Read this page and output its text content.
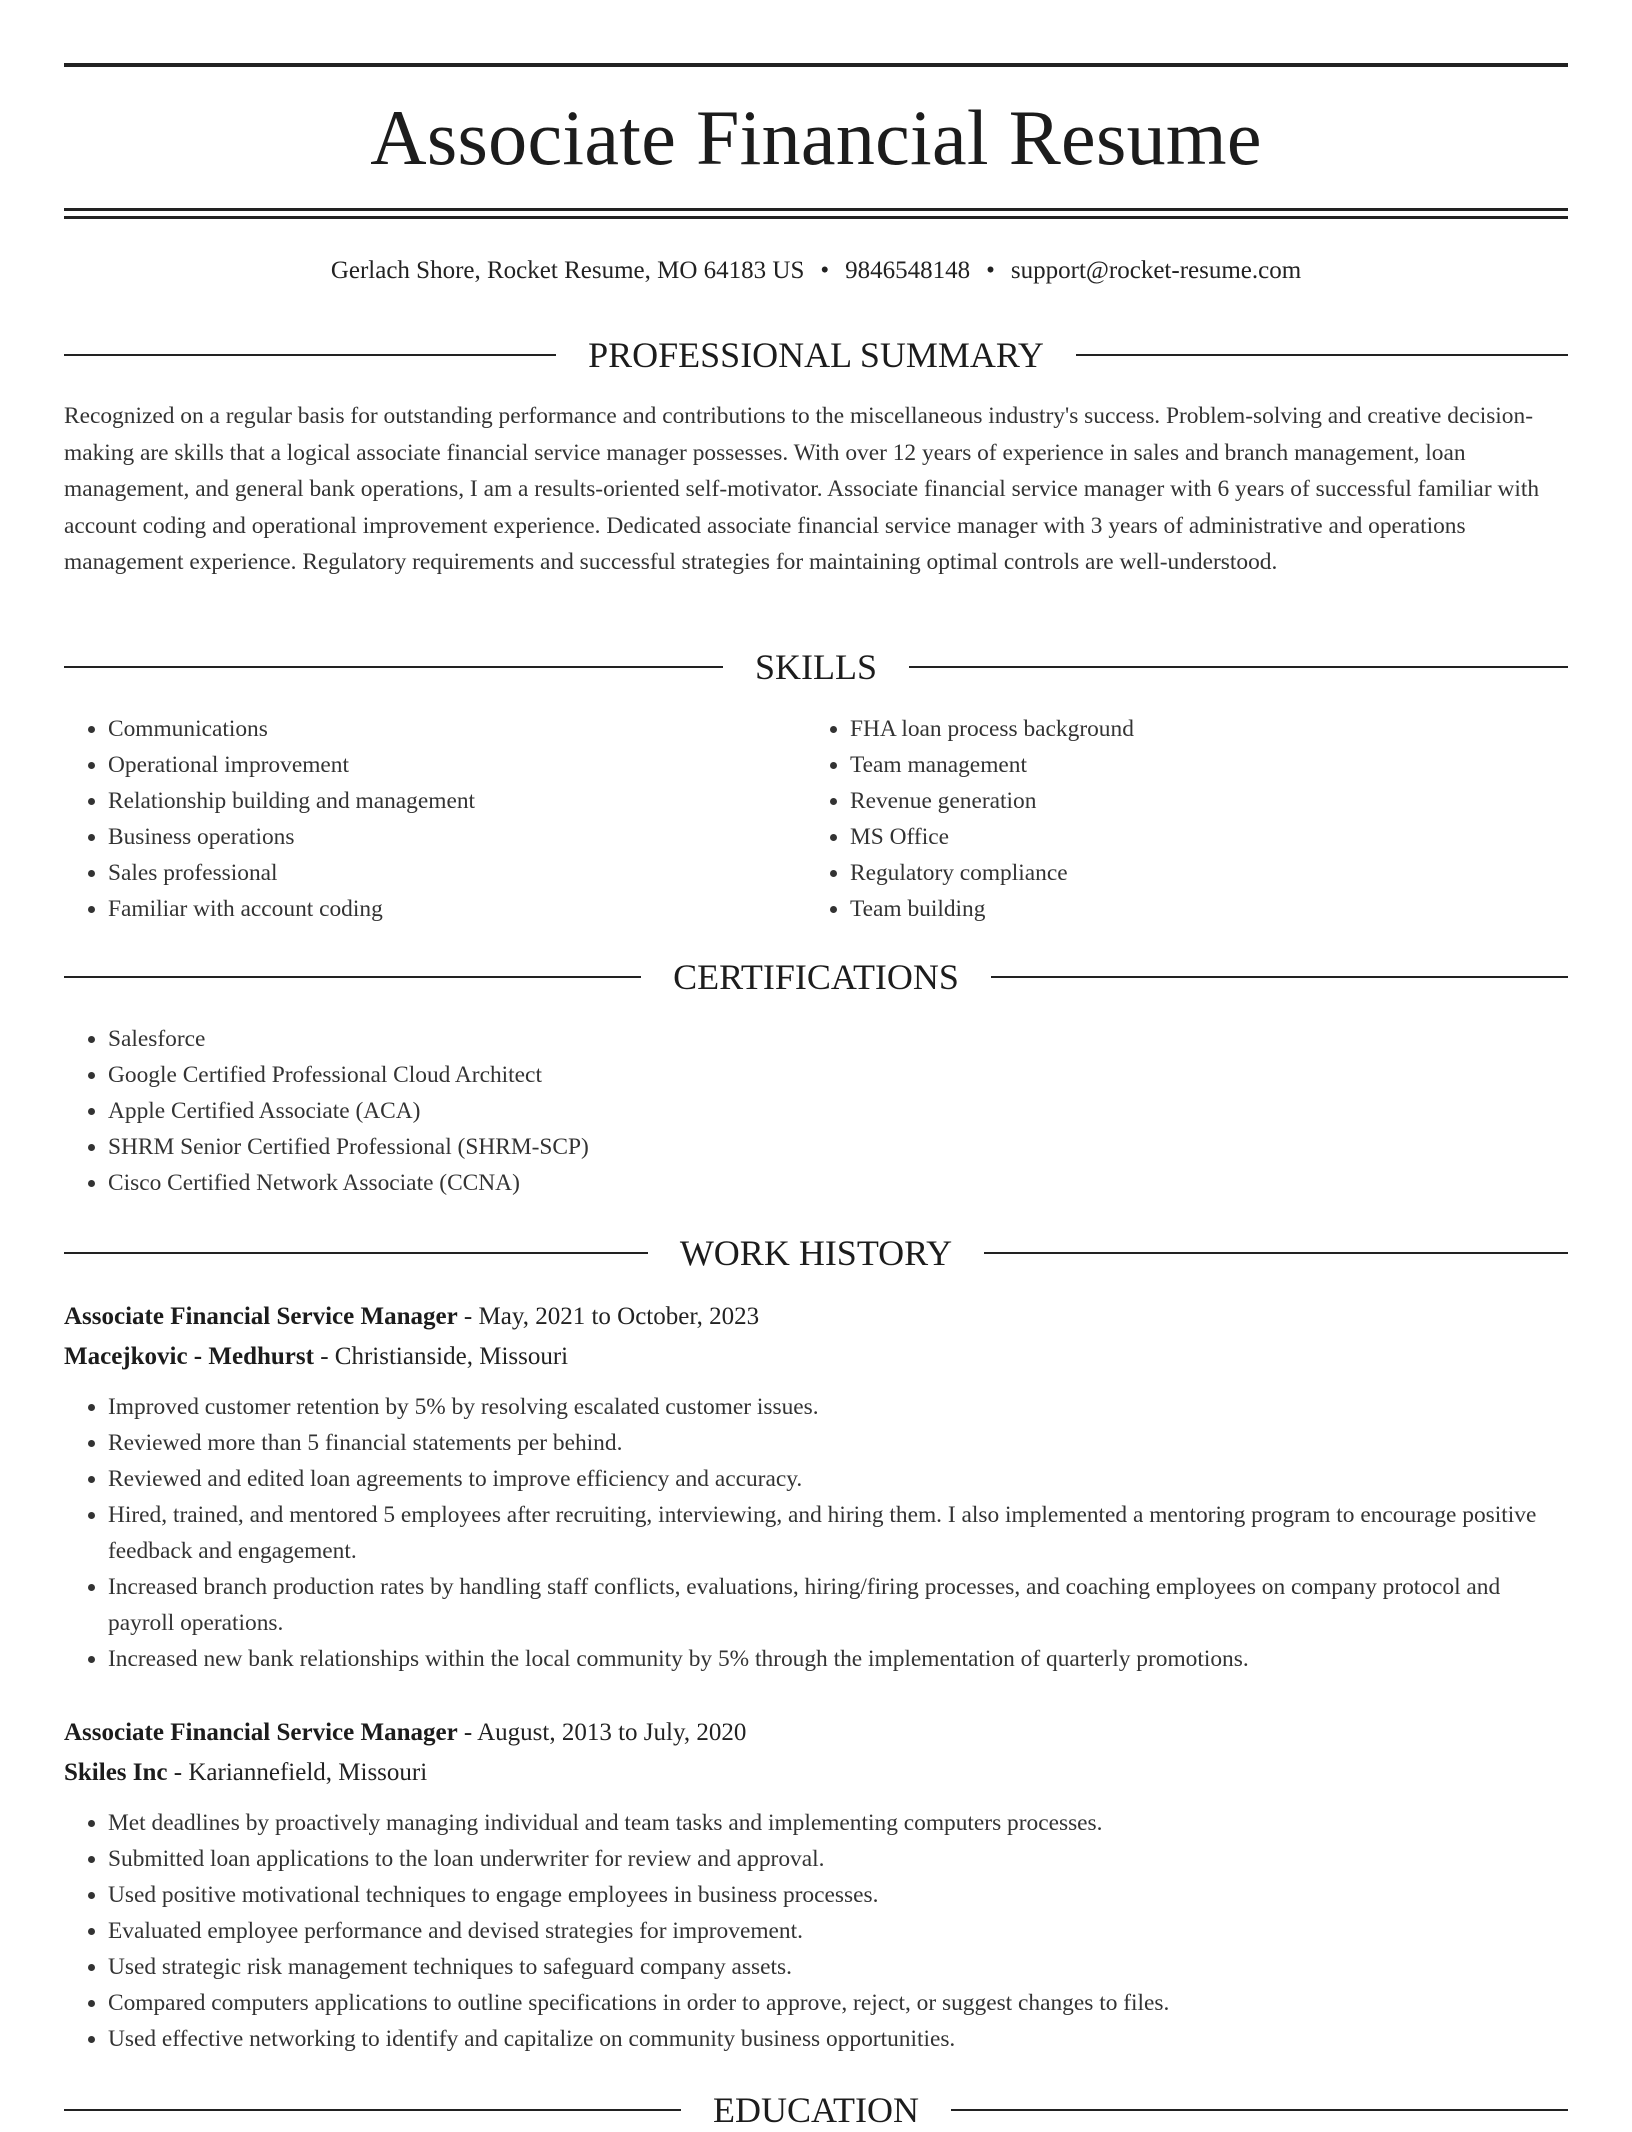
Associate Financial Resume
Gerlach Shore, Rocket Resume, MO 64183 US • 9846548148 • support@rocket-resume.com
PROFESSIONAL SUMMARY

Recognized on a regular basis for outstanding performance and contributions to the miscellaneous industry's success. Problem-solving and creative decision-making are skills that a logical associate financial service manager possesses. With over 12 years of experience in sales and branch management, loan management, and general bank operations, I am a results-oriented self-motivator. Associate financial service manager with 6 years of successful familiar with account coding and operational improvement experience. Dedicated associate financial service manager with 3 years of administrative and operations management experience. Regulatory requirements and successful strategies for maintaining optimal controls are well-understood.

SKILLS
• Communications
• Operational improvement
• Relationship building and management
• Business operations
• Sales professional
• Familiar with account coding
• FHA loan process background
• Team management
• Revenue generation
• MS Office
• Regulatory compliance
• Team building
CERTIFICATIONS
• Salesforce
• Google Certified Professional Cloud Architect
• Apple Certified Associate (ACA)
• SHRM Senior Certified Professional (SHRM-SCP)
• Cisco Certified Network Associate (CCNA)
WORK HISTORY
Associate Financial Service Manager - May, 2021 to October, 2023
Macejkovic - Medhurst - Christianside, Missouri
• Improved customer retention by 5% by resolving escalated customer issues.
• Reviewed more than 5 financial statements per behind.
• Reviewed and edited loan agreements to improve efficiency and accuracy.
• Hired, trained, and mentored 5 employees after recruiting, interviewing, and hiring them. I also implemented a mentoring program to encourage positive feedback and engagement.
• Increased branch production rates by handling staff conflicts, evaluations, hiring/firing processes, and coaching employees on company protocol and payroll operations.
• Increased new bank relationships within the local community by 5% through the implementation of quarterly promotions.
Associate Financial Service Manager - August, 2013 to July, 2020
Skiles Inc - Kariannefield, Missouri
• Met deadlines by proactively managing individual and team tasks and implementing computers processes.
• Submitted loan applications to the loan underwriter for review and approval.
• Used positive motivational techniques to engage employees in business processes.
• Evaluated employee performance and devised strategies for improvement.
• Used strategic risk management techniques to safeguard company assets.
• Compared computers applications to outline specifications in order to approve, reject, or suggest changes to files.
• Used effective networking to identify and capitalize on community business opportunities.
EDUCATION
